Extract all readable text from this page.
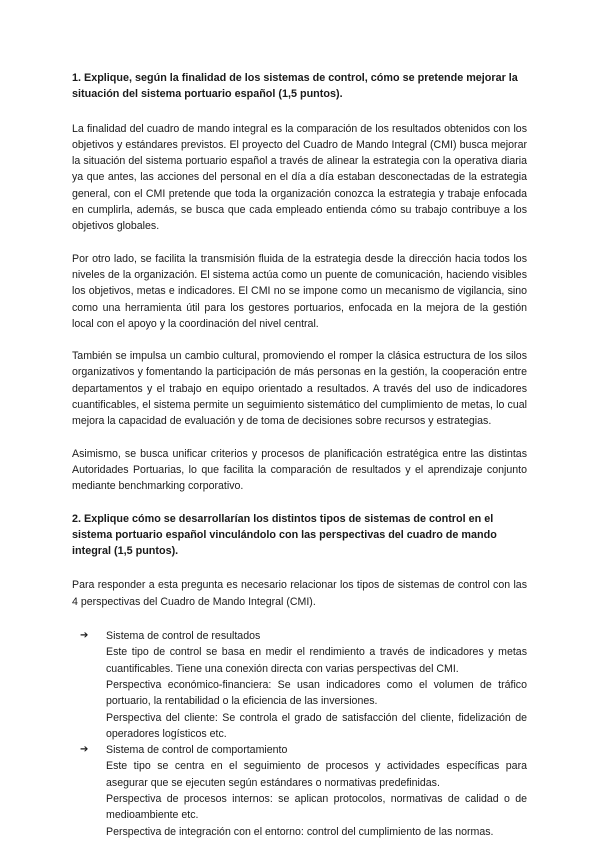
1. Explique, según la finalidad de los sistemas de control, cómo se pretende mejorar la situación del sistema portuario español (1,5 puntos).
La finalidad del cuadro de mando integral es la comparación de los resultados obtenidos con los objetivos y estándares previstos. El proyecto del Cuadro de Mando Integral (CMI) busca mejorar la situación del sistema portuario español a través de alinear la estrategia con la operativa diaria ya que antes, las acciones del personal en el día a día estaban desconectadas de la estrategia general, con el CMI pretende que toda la organización conozca la estrategia y trabaje enfocada en cumplirla, además, se busca que cada empleado entienda cómo su trabajo contribuye a los objetivos globales.
Por otro lado, se facilita la transmisión fluida de la estrategia desde la dirección hacia todos los niveles de la organización. El sistema actúa como un puente de comunicación, haciendo visibles los objetivos, metas e indicadores. El CMI no se impone como un mecanismo de vigilancia, sino como una herramienta útil para los gestores portuarios, enfocada en la mejora de la gestión local con el apoyo y la coordinación del nivel central.
También se impulsa un cambio cultural, promoviendo el romper la clásica estructura de los silos organizativos y fomentando la participación de más personas en la gestión, la cooperación entre departamentos y el trabajo en equipo orientado a resultados. A través del uso de indicadores cuantificables, el sistema permite un seguimiento sistemático del cumplimiento de metas, lo cual mejora la capacidad de evaluación y de toma de decisiones sobre recursos y estrategias.
Asimismo, se busca unificar criterios y procesos de planificación estratégica entre las distintas Autoridades Portuarias, lo que facilita la comparación de resultados y el aprendizaje conjunto mediante benchmarking corporativo.
2. Explique cómo se desarrollarían los distintos tipos de sistemas de control en el sistema portuario español vinculándolo con las perspectivas del cuadro de mando integral (1,5 puntos).
Para responder a esta pregunta es necesario relacionar los tipos de sistemas de control con las 4 perspectivas del Cuadro de Mando Integral (CMI).
➔ Sistema de control de resultados
Este tipo de control se basa en medir el rendimiento a través de indicadores y metas cuantificables. Tiene una conexión directa con varias perspectivas del CMI.
Perspectiva económico-financiera: Se usan indicadores como el volumen de tráfico portuario, la rentabilidad o la eficiencia de las inversiones.
Perspectiva del cliente: Se controla el grado de satisfacción del cliente, fidelización de operadores logísticos etc.
➔ Sistema de control de comportamiento
Este tipo se centra en el seguimiento de procesos y actividades específicas para asegurar que se ejecuten según estándares o normativas predefinidas.
Perspectiva de procesos internos: se aplican protocolos, normativas de calidad o de medioambiente etc.
Perspectiva de integración con el entorno: control del cumplimiento de las normas.
